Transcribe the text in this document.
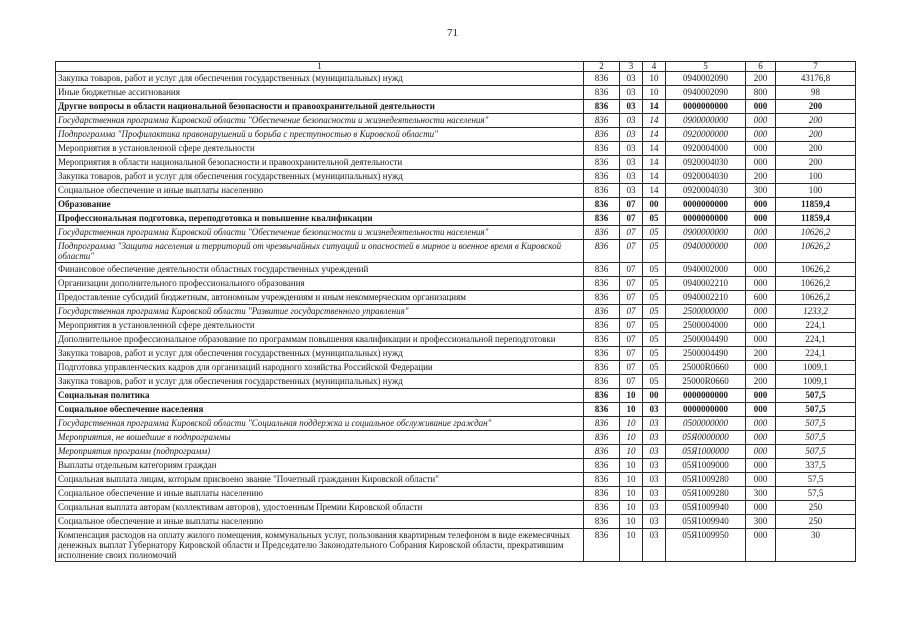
71
1	2	3	4	5	6	7
Закупка товаров, работ и услуг для обеспечения государственных (муниципальных) нужд	836	03	10	0940002090	200	43176,8
Иные бюджетные ассигнования	836	03	10	0940002090	800	98
Другие вопросы в области национальной безопасности и правоохранительной деятельности	836	03	14	0000000000	000	200
Государственная программа Кировской области "Обеспечение безопасности и жизнедеятельности населения"	836	03	14	0900000000	000	200
Подпрограмма "Профилактика правонарушений и борьба с преступностью в Кировской области"	836	03	14	0920000000	000	200
Мероприятия в установленной сфере деятельности	836	03	14	0920004000	000	200
Мероприятия в области национальной безопасности и правоохранительной деятельности	836	03	14	0920004030	000	200
Закупка товаров, работ и услуг для обеспечения государственных (муниципальных) нужд	836	03	14	0920004030	200	100
Социальное обеспечение и иные выплаты населению	836	03	14	0920004030	300	100
Образование	836	07	00	0000000000	000	11859,4
Профессиональная подготовка, переподготовка и повышение квалификации	836	07	05	0000000000	000	11859,4
Государственная программа Кировской области "Обеспечение безопасности и жизнедеятельности населения"	836	07	05	0900000000	000	10626,2
Подпрограмма "Защита населения и территорий от чрезвычайных ситуаций и опасностей в мирное и военное время в Кировской области"	836	07	05	0940000000	000	10626,2
Финансовое обеспечение деятельности областных государственных учреждений	836	07	05	0940002000	000	10626,2
Организации дополнительного профессионального образования	836	07	05	0940002210	000	10626,2
Предоставление субсидий бюджетным, автономным учреждениям и иным некоммерческим организациям	836	07	05	0940002210	600	10626,2
Государственная программа Кировской области "Развитие государственного управления"	836	07	05	2500000000	000	1233,2
Мероприятия в установленной сфере деятельности	836	07	05	2500004000	000	224,1
Дополнительное профессиональное образование по программам повышения квалификации и профессиональной переподготовки	836	07	05	2500004490	000	224,1
Закупка товаров, работ и услуг для обеспечения государственных (муниципальных) нужд	836	07	05	2500004490	200	224,1
Подготовка управленческих кадров для организаций народного хозяйства Российской Федерации	836	07	05	25000R0660	000	1009,1
Закупка товаров, работ и услуг для обеспечения государственных (муниципальных) нужд	836	07	05	25000R0660	200	1009,1
Социальная политика	836	10	00	0000000000	000	507,5
Социальное обеспечение населения	836	10	03	0000000000	000	507,5
Государственная программа Кировской области "Социальная поддержка и социальное обслуживание граждан"	836	10	03	0500000000	000	507,5
Мероприятия, не вошедшие в подпрограммы	836	10	03	05Я0000000	000	507,5
Мероприятия программ (подпрограмм)	836	10	03	05Я1000000	000	507,5
Выплаты отдельным категориям граждан	836	10	03	05Я1009000	000	337,5
Социальная выплата лицам, которым присвоено звание "Почетный гражданин Кировской области"	836	10	03	05Я1009280	000	57,5
Социальное обеспечение и иные выплаты населению	836	10	03	05Я1009280	300	57,5
Социальная выплата авторам (коллективам авторов), удостоенным Премии Кировской области	836	10	03	05Я1009940	000	250
Социальное обеспечение и иные выплаты населению	836	10	03	05Я1009940	300	250
Компенсация расходов на оплату жилого помещения, коммунальных услуг, пользования квартирным телефоном в виде ежемесячных денежных выплат Губернатору Кировской области и Председателю Законодательного Собрания Кировской области, прекратившим исполнение своих полномочий	836	10	03	05Я1009950	000	30
